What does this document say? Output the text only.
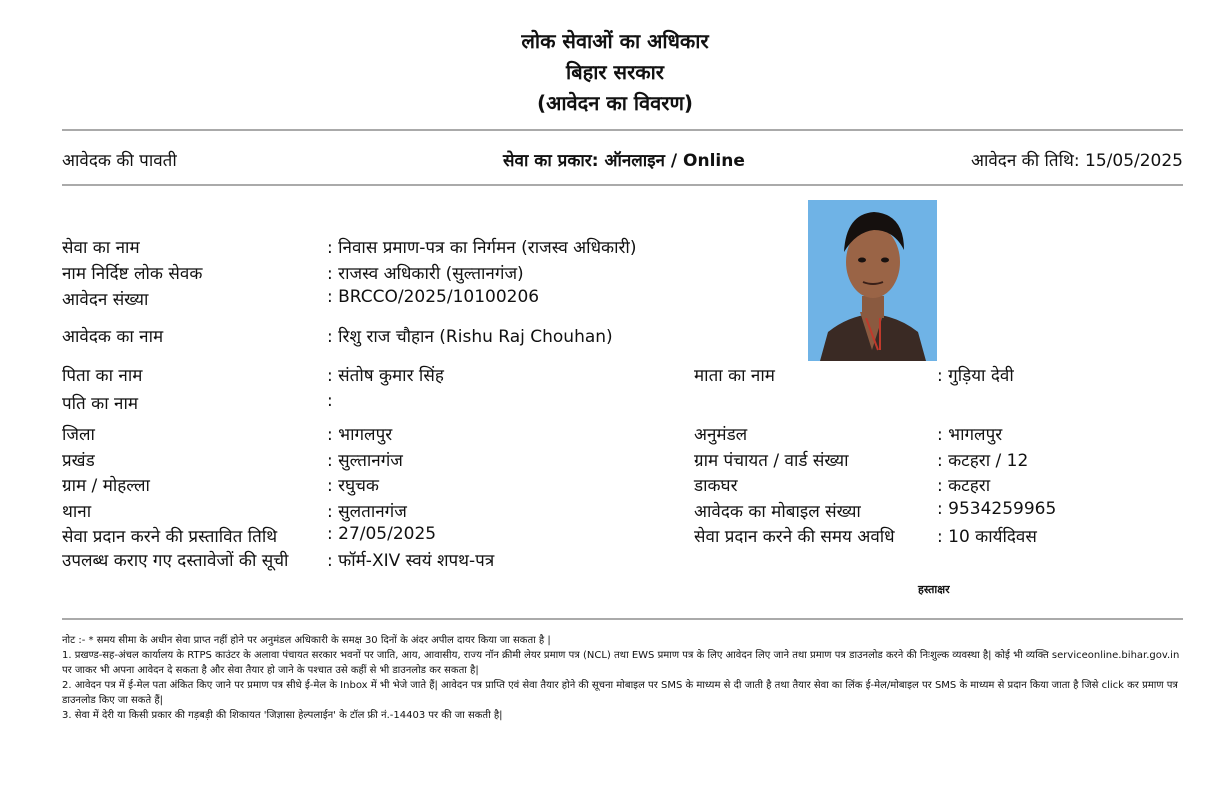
लोक सेवाओं का अधिकार
बिहार सरकार
(आवेदन का विवरण)
आवेदक की पावती	सेवा का प्रकार: ऑनलाइन / Online	आवेदन की तिथि: 15/05/2025
सेवा का नाम	: निवास प्रमाण-पत्र का निर्गमन (राजस्व अधिकारी)
नाम निर्दिष्ट लोक सेवक	: राजस्व अधिकारी (सुल्तानगंज)
आवेदन संख्या	: BRCCO/2025/10100206
आवेदक का नाम	: रिशु राज चौहान (Rishu Raj Chouhan)
पिता का नाम	: संतोष कुमार सिंह
पति का नाम	:
जिला	: भागलपुर
प्रखंड	: सुल्तानगंज
ग्राम / मोहल्ला	: रघुचक
थाना	: सुलतानगंज
सेवा प्रदान करने की प्रस्तावित तिथि	: 27/05/2025
उपलब्ध कराए गए दस्तावेजों की सूची : फॉर्म-XIV स्वयं शपथ-पत्र
माता का नाम	: गुड़िया देवी
अनुमंडल	: भागलपुर
ग्राम पंचायत / वार्ड संख्या	: कटहरा / 12
डाकघर	: कटहरा
आवेदक का मोबाइल संख्या	: 9534259965
सेवा प्रदान करने की समय अवधि : 10 कार्यदिवस
हस्ताक्षर
नोट :- * समय सीमा के अधीन सेवा प्राप्त नहीं होने पर अनुमंडल अधिकारी के समक्ष 30 दिनों के अंदर अपील दायर किया जा सकता है |
1. प्रखण्ड-सह-अंचल कार्यालय के RTPS काउंटर के अलावा पंचायत सरकार भवनों पर जाति, आय, आवासीय, राज्य नॉन क्रीमी लेयर प्रमाण पत्र (NCL) तथा EWS प्रमाण पत्र के लिए आवेदन लिए जाने तथा प्रमाण पत्र डाउनलोड करने की निःशुल्क व्यवस्था है| कोई भी व्यक्ति serviceonline.bihar.gov.in पर जाकर भी अपना आवेदन दे सकता है और सेवा तैयार हो जाने के पश्चात उसे कहीं से भी डाउनलोड कर सकता है|
2. आवेदन पत्र में ई-मेल पता अंकित किए जाने पर प्रमाण पत्र सीधे ई-मेल के Inbox में भी भेजे जाते हैं| आवेदन पत्र प्राप्ति एवं सेवा तैयार होने की सूचना मोबाइल पर SMS के माध्यम से दी जाती है तथा तैयार सेवा का लिंक ई-मेल/मोबाइल पर SMS के माध्यम से प्रदान किया जाता है जिसे click कर प्रमाण पत्र डाउनलोड किए जा सकते हैं|
3. सेवा में देरी या किसी प्रकार की गड़बड़ी की शिकायत 'जिज्ञासा हेल्पलाईन' के टॉल फ्री नं.-14403 पर की जा सकती है|
